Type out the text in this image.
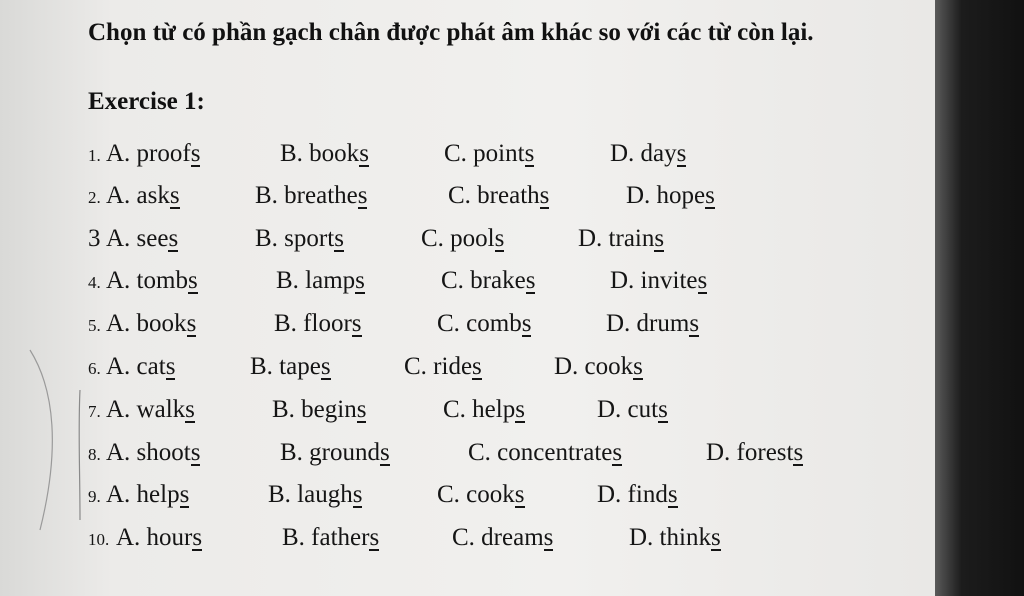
Chọn từ có phần gạch chân được phát âm khác so với các từ còn lại.
Exercise 1:
1. A. proofs	B. books	C. points	D. days
2. A. asks	B. breathes	C. breaths	D. hopes
3 A. sees	B. sports	C. pools	D. trains
4. A. tombs	B. lamps	C. brakes	D. invites
5. A. books	B. floors	C. combs	D. drums
6. A. cats	B. tapes	C. rides	D. cooks
7. A. walks	B. begins	C. helps	D. cuts
8. A. shoots	B. grounds	C. concentrates	D. forests
9. A. helps	B. laughs	C. cooks	D. finds
10. A. hours	B. fathers	C. dreams	D. thinks
